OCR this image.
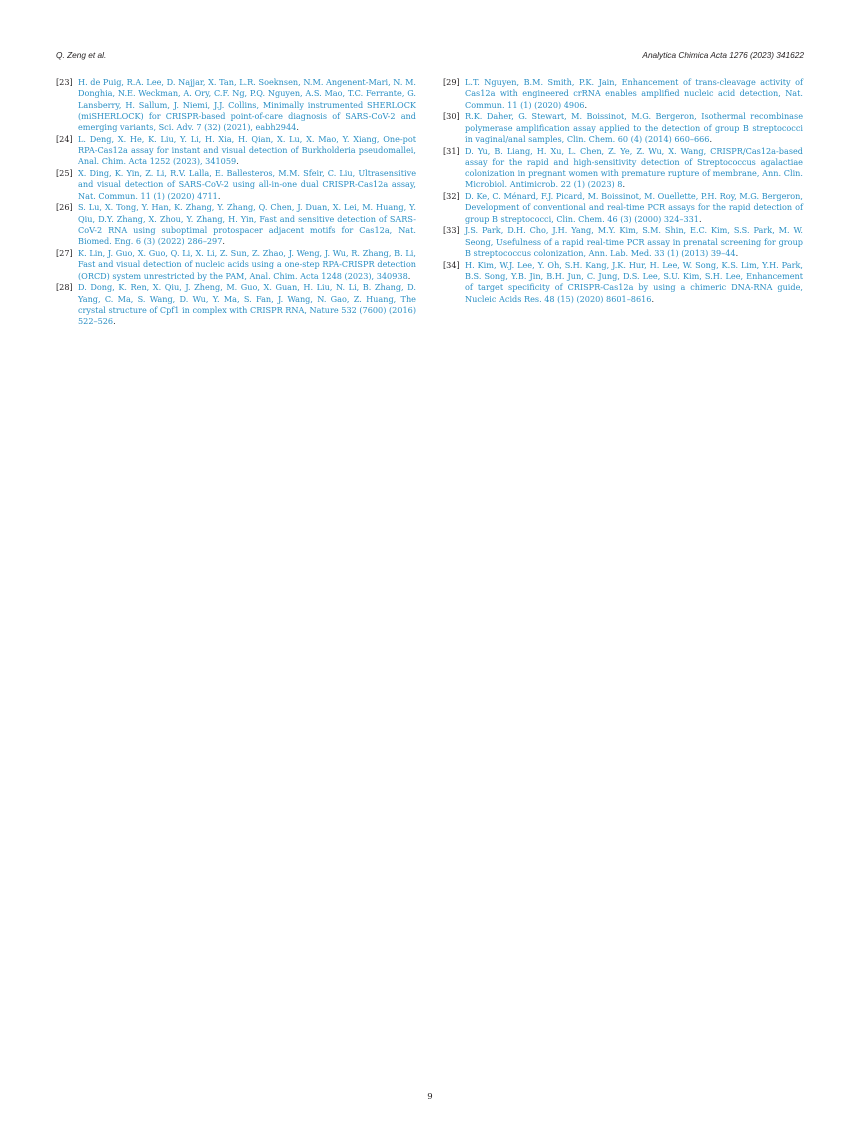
Q. Zeng et al.	Analytica Chimica Acta 1276 (2023) 341622
[23] H. de Puig, R.A. Lee, D. Najjar, X. Tan, L.R. Soeknsen, N.M. Angenent-Mari, N. M. Donghia, N.E. Weckman, A. Ory, C.F. Ng, P.Q. Nguyen, A.S. Mao, T.C. Ferrante, G. Lansberry, H. Sallum, J. Niemi, J.J. Collins, Minimally instrumented SHERLOCK (miSHERLOCK) for CRISPR-based point-of-care diagnosis of SARS-CoV-2 and emerging variants, Sci. Adv. 7 (32) (2021), eabh2944.
[24] L. Deng, X. He, K. Liu, Y. Li, H. Xia, H. Qian, X. Lu, X. Mao, Y. Xiang, One-pot RPA-Cas12a assay for instant and visual detection of Burkholderia pseudomallei, Anal. Chim. Acta 1252 (2023), 341059.
[25] X. Ding, K. Yin, Z. Li, R.V. Lalla, E. Ballesteros, M.M. Sfeir, C. Liu, Ultrasensitive and visual detection of SARS-CoV-2 using all-in-one dual CRISPR-Cas12a assay, Nat. Commun. 11 (1) (2020) 4711.
[26] S. Lu, X. Tong, Y. Han, K. Zhang, Y. Zhang, Q. Chen, J. Duan, X. Lei, M. Huang, Y. Qiu, D.Y. Zhang, X. Zhou, Y. Zhang, H. Yin, Fast and sensitive detection of SARS-CoV-2 RNA using suboptimal protospacer adjacent motifs for Cas12a, Nat. Biomed. Eng. 6 (3) (2022) 286–297.
[27] K. Lin, J. Guo, X. Guo, Q. Li, X. Li, Z. Sun, Z. Zhao, J. Weng, J. Wu, R. Zhang, B. Li, Fast and visual detection of nucleic acids using a one-step RPA-CRISPR detection (ORCD) system unrestricted by the PAM, Anal. Chim. Acta 1248 (2023), 340938.
[28] D. Dong, K. Ren, X. Qiu, J. Zheng, M. Guo, X. Guan, H. Liu, N. Li, B. Zhang, D. Yang, C. Ma, S. Wang, D. Wu, Y. Ma, S. Fan, J. Wang, N. Gao, Z. Huang, The crystal structure of Cpf1 in complex with CRISPR RNA, Nature 532 (7600) (2016) 522–526.
[29] L.T. Nguyen, B.M. Smith, P.K. Jain, Enhancement of trans-cleavage activity of Cas12a with engineered crRNA enables amplified nucleic acid detection, Nat. Commun. 11 (1) (2020) 4906.
[30] R.K. Daher, G. Stewart, M. Boissinot, M.G. Bergeron, Isothermal recombinase polymerase amplification assay applied to the detection of group B streptococci in vaginal/anal samples, Clin. Chem. 60 (4) (2014) 660–666.
[31] D. Yu, B. Liang, H. Xu, L. Chen, Z. Ye, Z. Wu, X. Wang, CRISPR/Cas12a-based assay for the rapid and high-sensitivity detection of Streptococcus agalactiae colonization in pregnant women with premature rupture of membrane, Ann. Clin. Microbiol. Antimicrob. 22 (1) (2023) 8.
[32] D. Ke, C. Ménard, F.J. Picard, M. Boissinot, M. Ouellette, P.H. Roy, M.G. Bergeron, Development of conventional and real-time PCR assays for the rapid detection of group B streptococci, Clin. Chem. 46 (3) (2000) 324–331.
[33] J.S. Park, D.H. Cho, J.H. Yang, M.Y. Kim, S.M. Shin, E.C. Kim, S.S. Park, M. W. Seong, Usefulness of a rapid real-time PCR assay in prenatal screening for group B streptococcus colonization, Ann. Lab. Med. 33 (1) (2013) 39–44.
[34] H. Kim, W.J. Lee, Y. Oh, S.H. Kang, J.K. Hur, H. Lee, W. Song, K.S. Lim, Y.H. Park, B.S. Song, Y.B. Jin, B.H. Jun, C. Jung, D.S. Lee, S.U. Kim, S.H. Lee, Enhancement of target specificity of CRISPR-Cas12a by using a chimeric DNA-RNA guide, Nucleic Acids Res. 48 (15) (2020) 8601–8616.
9
